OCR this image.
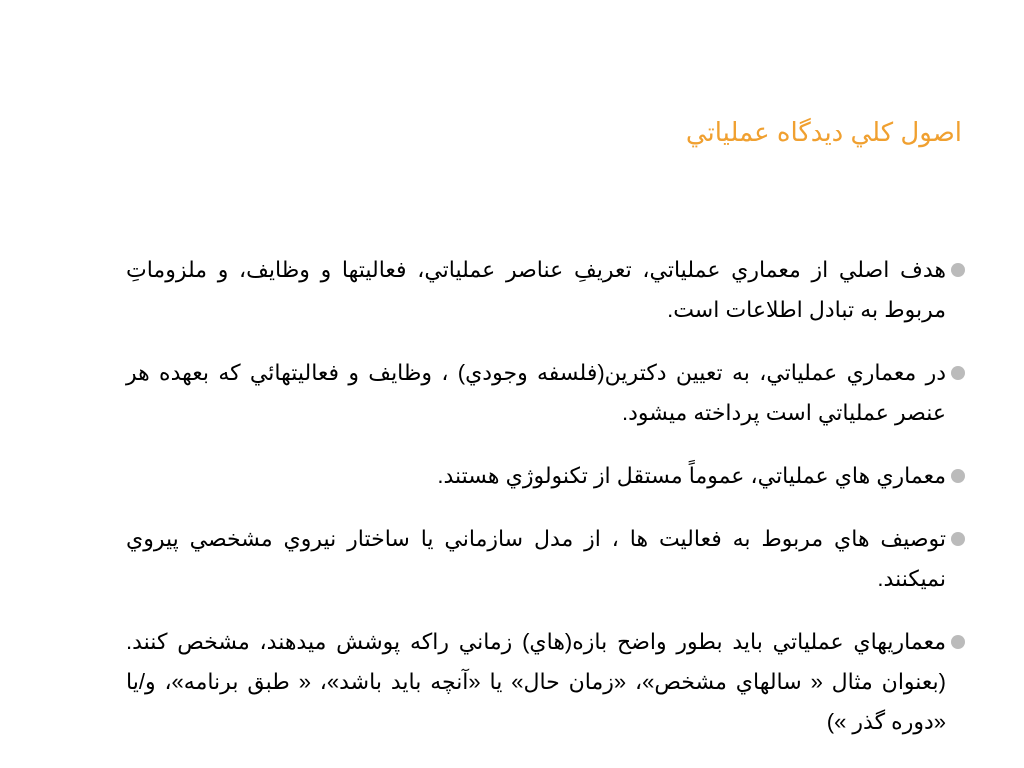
اصول كلي ديدگاه عملياتي
هدف اصلي از معماري عملياتي، تعريفِ عناصر عملياتي، فعاليتها و وظايف، و ملزوماتِ مربوط به تبادل اطلاعات است.
در معماري عملياتي، به تعيين دكترين(فلسفه وجودي) ، وظايف و فعاليتهائي كه بعهده هر عنصر عملياتي است پرداخته ميشود.
معماري هاي عملياتي، عموماً مستقل از تكنولوژي هستند.
توصيف هاي مربوط به فعاليت ها ، از مدل سازماني يا ساختار نيروي مشخصي پيروي نميكنند.
معماريهاي عملياتي بايد بطور واضح بازه(هاي) زماني راكه پوشش ميدهند، مشخص كنند.(بعنوان مثال « سالهاي مشخص»، «زمان حال» يا «آنچه بايد باشد»، « طبق برنامه»، و/يا «دوره گذر »)
